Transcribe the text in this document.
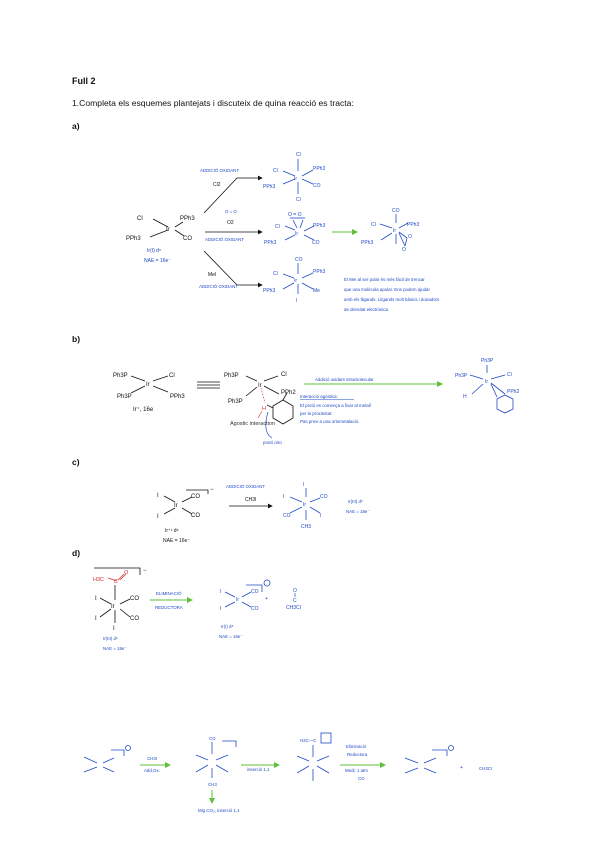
Full 2
1.Completa els esquemes plantejats i discuteix de quina reacció es tracta:
a)
b)
c)
d)
Cl
Ir
PPh3
PPh3	CO
Ir(I) d⁸
NAE = 16e⁻
ADDICIÓ OXIDANT
Cl2
O = O
O2
ADDICIÓ OXIDANT
MeI
ADDICIÓ OXIDANT
Cl
Cl
Ir
PPh3
PPh3	CO
Cl
O = O
Cl
Ir
PPh3
PPh3	CO
CO
Cl
Ir
PPh3
PPh3
O
O
CO
Cl
Ir
PPh3
PPh3	Me
I
El MeI al ser polar és més fàcil de trencar
que una molècula apolar. Ens podem ajudar
amb els lligands. Lligands molt bàsics i donadors
de densitat electrònica.
Ph3P
Ir
Cl
Ph3P	PPh3
Ir⁺, 16e
Ph3P
Ir
Cl
Ph3P
PPh2
H
Agostic interaction
protó orto
Addició oxidant intramolecular
Interacció agòstica:
El protó es comença a fixar al metall
per la proximitat.
Pas previ a una ortometalació.
Ph3P
Ph3P
Ir
Cl
H
PPh2
I
Ir
CO
I	CO
−
Ir⁺¹ d⁸
NAE = 16e⁻
ADDICIÓ OXIDANT
CH3I
I
I
Ir
CO
CO	I
CH3
Ir(III) d⁶
NAE = 18e⁻
H3C C
O −
I
Ir
CO
I	CO
I
Ir(III) d⁶
NAE = 18e⁻
ELIMINACIÓ
REDUCTORA
I
Ir
CO
I	CO
+
O
C
CH3CI
Ir(I) d⁸
NAE = 16e⁻
CH3I
Add.Ox.
CO
CH3
Mig CO₃, inserció 1,1
inserció 1,1
H3C—C
Eliminació
Reductora
Medi: 1 atm
CO
+	CH3CI
